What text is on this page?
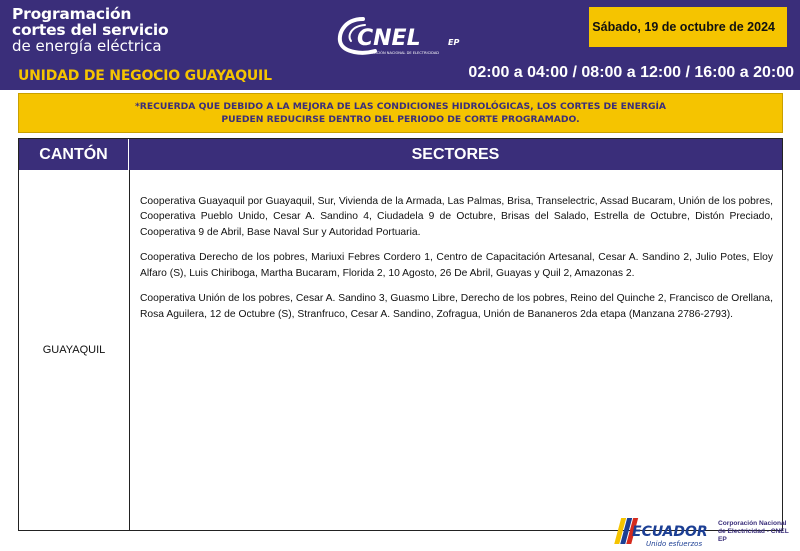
Programación
cortes del servicio
de energía eléctrica
UNIDAD DE NEGOCIO GUAYAQUIL
CNEL	EP
CORPORACIÓN NACIONAL DE ELECTRICIDAD
Sábado, 19 de octubre de 2024
02:00 a 04:00 / 08:00 a 12:00 / 16:00 a 20:00
*RECUERDA QUE DEBIDO A LA MEJORA DE LAS CONDICIONES HIDROLÓGICAS, LOS CORTES DE ENERGÍA
PUEDEN REDUCIRSE DENTRO DEL PERIODO DE CORTE PROGRAMADO.
CANTÓN	SECTORES
GUAYAQUIL

Cooperativa Guayaquil por Guayaquil, Sur, Vivienda de la Armada, Las Palmas, Brisa, Transelectric, Assad Bucaram, Unión de los pobres, Cooperativa Pueblo Unido, Cesar A. Sandino 4, Ciudadela 9 de Octubre, Brisas del Salado, Estrella de Octubre, Distón Preciado, Cooperativa 9 de Abril, Base Naval Sur y Autoridad Portuaria.

Cooperativa Derecho de los pobres, Mariuxi Febres Cordero 1, Centro de Capacitación Artesanal, Cesar A. Sandino 2, Julio Potes, Eloy Alfaro (S), Luis Chiriboga, Martha Bucaram, Florida 2, 10 Agosto, 26 De Abril, Guayas y Quil 2, Amazonas 2.

Cooperativa Unión de los pobres, Cesar A. Sandino 3, Guasmo Libre, Derecho de los pobres, Reino del Quinche 2, Francisco de Orellana, Rosa Aguilera, 12 de Octubre (S), Stranfruco, Cesar A. Sandino, Zofragua, Unión de Bananeros 2da etapa (Manzana 2786-2793).

ECUADOR
Unido esfuerzos
Corporación Nacional
de Electricidad - CNEL EP
